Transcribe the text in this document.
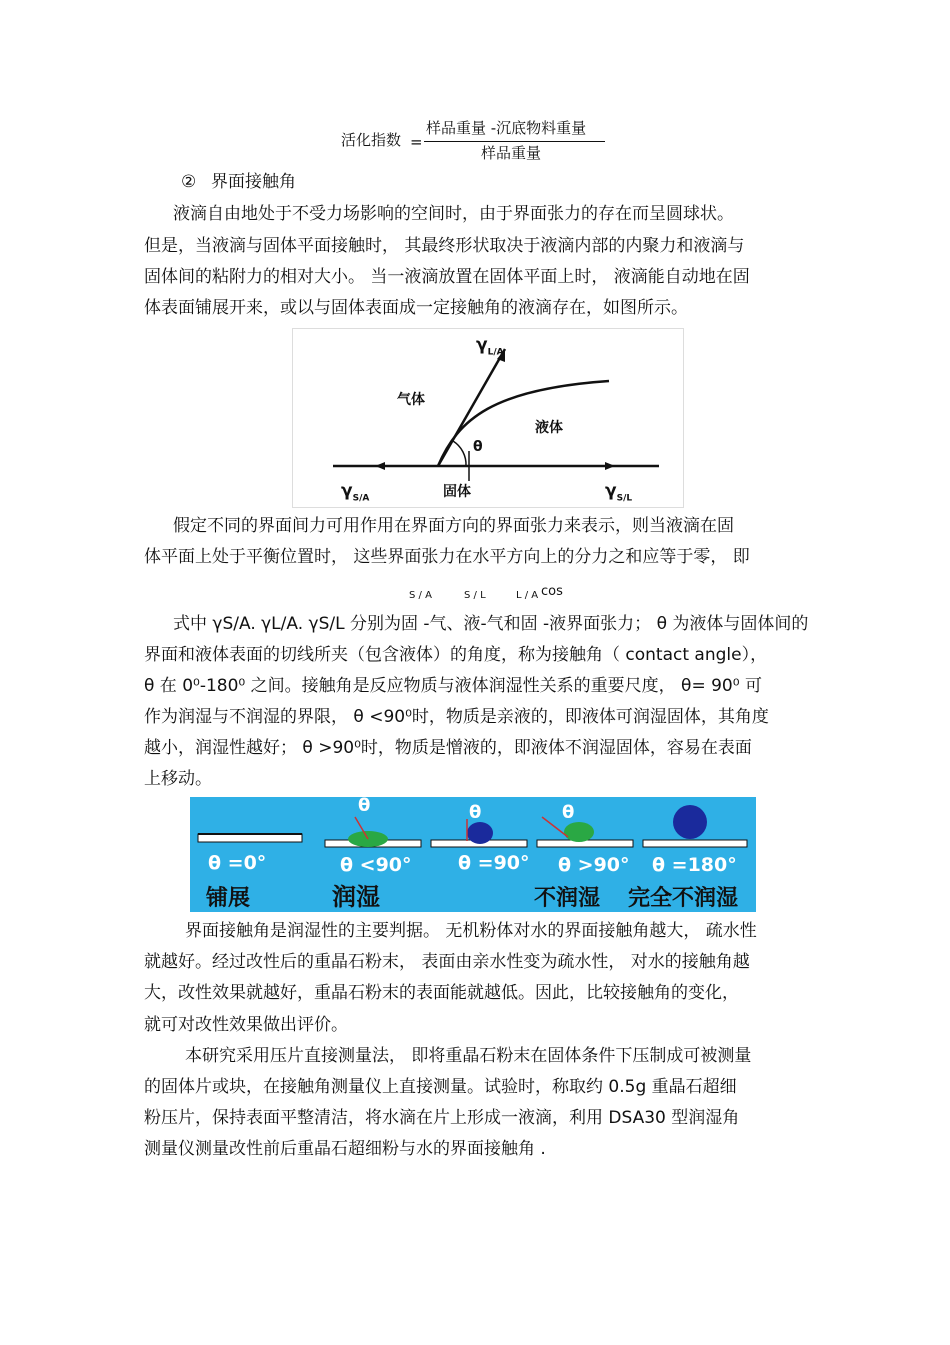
活化指数 =
样品重量 -沉底物料重量
样品重量
② 界面接触角
液滴自由地处于不受力场影响的空间时，由于界面张力的存在而呈圆球状。
但是，当液滴与固体平面接触时， 其最终形状取决于液滴内部的内聚力和液滴与
固体间的粘附力的相对大小。 当一液滴放置在固体平面上时， 液滴能自动地在固
体表面铺展开来，或以与固体表面成一定接触角的液滴存在，如图所示。
$\gamma_{L/A}$
气体
液体
θ
$\gamma_{S/A}$	固体	$\gamma_{S/L}$
假定不同的界面间力可用作用在界面方向的界面张力来表示，则当液滴在固
体平面上处于平衡位置时， 这些界面张力在水平方向上的分力之和应等于零， 即
S / A	S / L	L / A cos
式中 γS/A. γL/A. γS/L 分别为固 -气、液-气和固 -液界面张力； θ 为液体与固体间的
界面和液体表面的切线所夹（包含液体）的角度，称为接触角（ contact angle），
θ 在 0⁰-180⁰ 之间。接触角是反应物质与液体润湿性关系的重要尺度， θ= 90⁰ 可
作为润湿与不润湿的界限， θ <90⁰时，物质是亲液的，即液体可润湿固体，其角度
越小，润湿性越好； θ >90⁰时，物质是憎液的，即液体不润湿固体，容易在表面
上移动。
θ	θ	θ
θ =0°	θ <90° θ =90° θ >90° θ =180°
铺展	润湿	不润湿 完全不润湿
界面接触角是润湿性的主要判据。 无机粉体对水的界面接触角越大， 疏水性
就越好。经过改性后的重晶石粉末， 表面由亲水性变为疏水性， 对水的接触角越
大，改性效果就越好，重晶石粉末的表面能就越低。因此，比较接触角的变化，
就可对改性效果做出评价。
本研究采用压片直接测量法， 即将重晶石粉末在固体条件下压制成可被测量
的固体片或块，在接触角测量仪上直接测量。试验时，称取约 0.5g 重晶石超细
粉压片，保持表面平整清洁，将水滴在片上形成一液滴，利用 DSA30 型润湿角
测量仪测量改性前后重晶石超细粉与水的界面接触角 .
